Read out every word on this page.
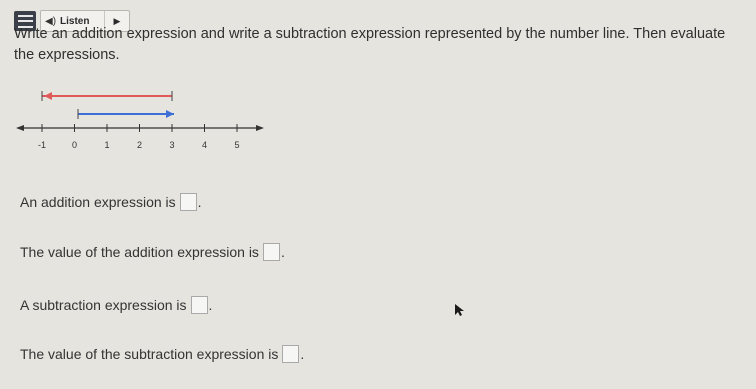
◀) Listen	▶
Write an addition expression and write a subtraction expression represented by the number line. Then evaluate the expressions.
-1	0	1	2	3	4	5
An addition expression is .
The value of the addition expression is .
A subtraction expression is .
The value of the subtraction expression is .
